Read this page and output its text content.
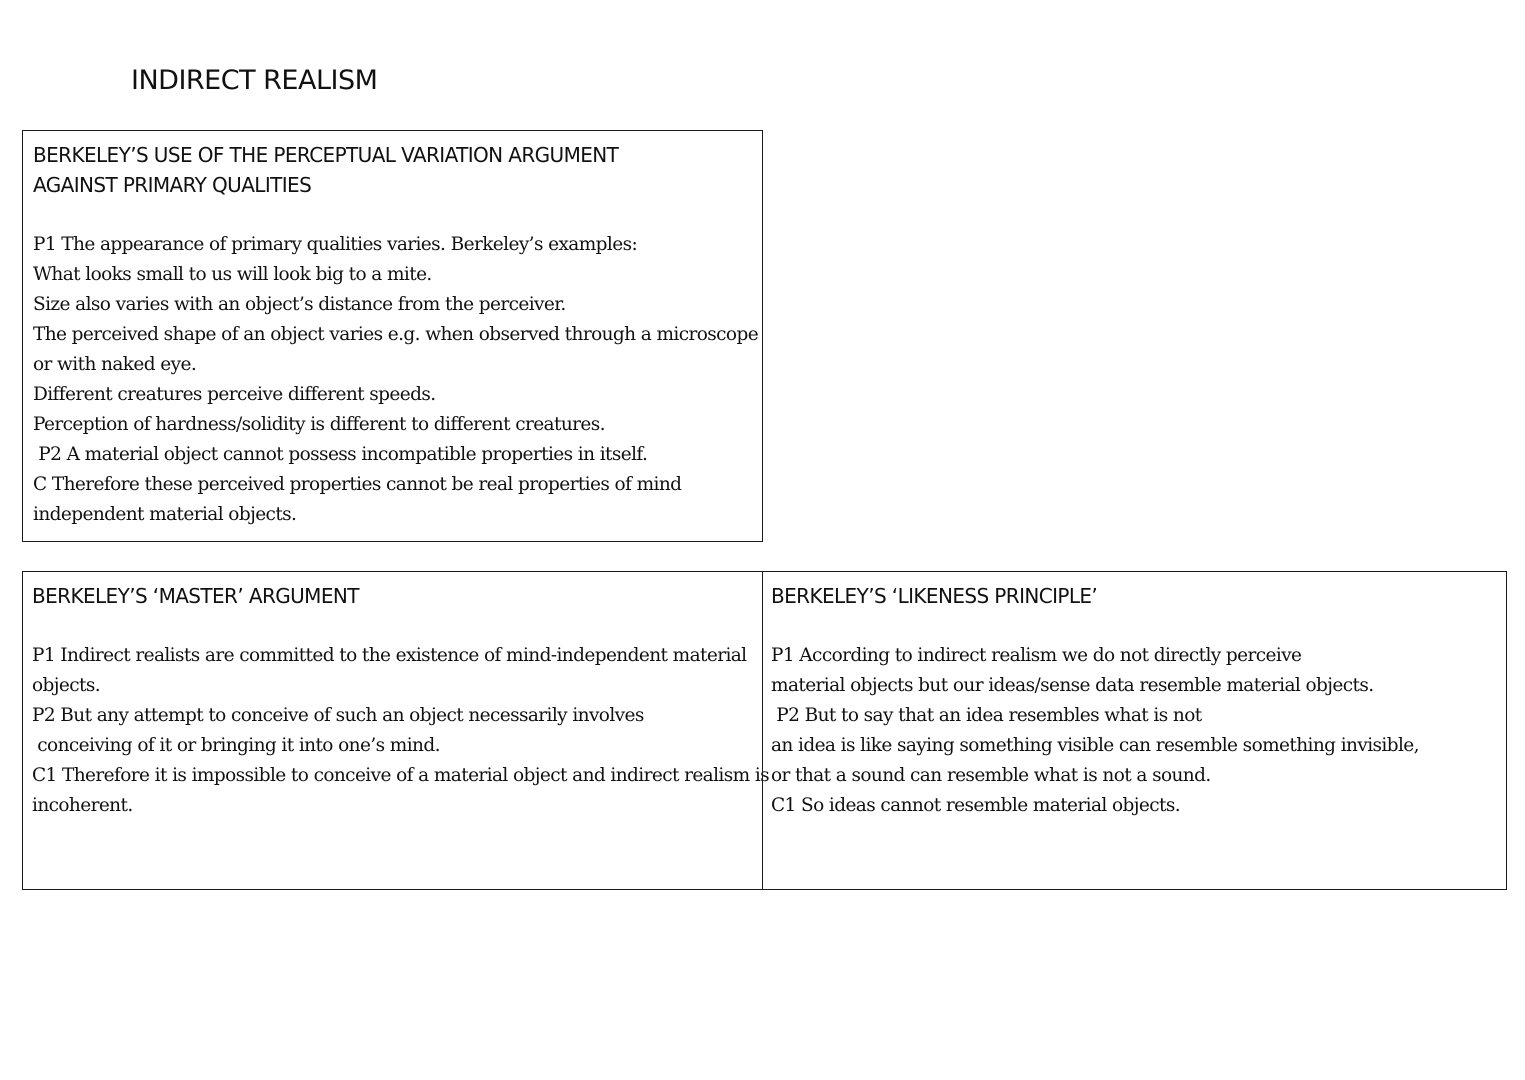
INDIRECT REALISM
BERKELEY’S USE OF THE PERCEPTUAL VARIATION ARGUMENT
AGAINST PRIMARY QUALITIES
P1 The appearance of primary qualities varies. Berkeley’s examples:
What looks small to us will look big to a mite.
Size also varies with an object’s distance from the perceiver.
The perceived shape of an object varies e.g. when observed through a microscope
or with naked eye.
Different creatures perceive different speeds.
Perception of hardness/solidity is different to different creatures.
P2 A material object cannot possess incompatible properties in itself.
C Therefore these perceived properties cannot be real properties of mind
independent material objects.
BERKELEY’S ‘MASTER’ ARGUMENT
P1 Indirect realists are committed to the existence of mind-independent material
objects.
P2 But any attempt to conceive of such an object necessarily involves
conceiving of it or bringing it into one’s mind.
C1 Therefore it is impossible to conceive of a material object and indirect realism is
incoherent.
BERKELEY’S ‘LIKENESS PRINCIPLE’
P1 According to indirect realism we do not directly perceive
material objects but our ideas/sense data resemble material objects.
P2 But to say that an idea resembles what is not
an idea is like saying something visible can resemble something invisible,
or that a sound can resemble what is not a sound.
C1 So ideas cannot resemble material objects.
